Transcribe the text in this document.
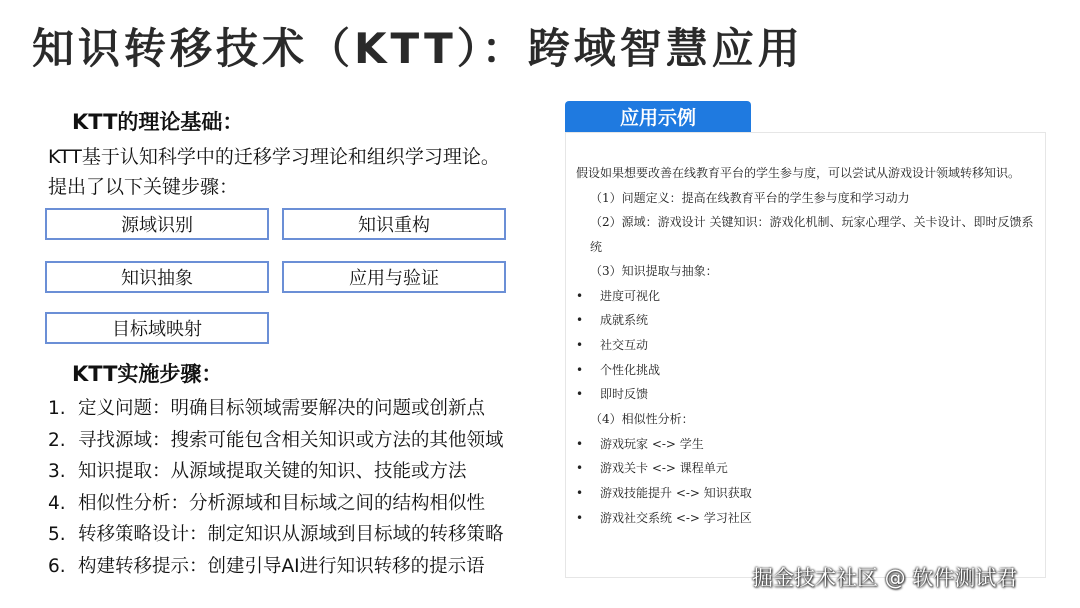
知识转移技术（KTT）：跨域智慧应用
KTT的理论基础：
KTT基于认知科学中的迁移学习理论和组织学习理论。
提出了以下关键步骤：
源域识别	知识重构
知识抽象	应用与验证
目标域映射
KTT实施步骤：
1. 定义问题：明确目标领域需要解决的问题或创新点
2. 寻找源域：搜索可能包含相关知识或方法的其他领域
3. 知识提取：从源域提取关键的知识、技能或方法
4. 相似性分析：分析源域和目标域之间的结构相似性
5. 转移策略设计：制定知识从源域到目标域的转移策略
6. 构建转移提示：创建引导AI进行知识转移的提示语
应用示例

假设如果想要改善在线教育平台的学生参与度，可以尝试从游戏设计领域转移知识。

（1）问题定义：提高在线教育平台的学生参与度和学习动力

（2）源域：游戏设计 关键知识：游戏化机制、玩家心理学、关卡设计、即时反馈系统

（3）知识提取与抽象：

• 进度可视化

• 成就系统

• 社交互动

• 个性化挑战

• 即时反馈

（4）相似性分析：

• 游戏玩家 <-> 学生

• 游戏关卡 <-> 课程单元

• 游戏技能提升 <-> 知识获取

• 游戏社交系统 <-> 学习社区

掘金技术社区 @ 软件测试君
